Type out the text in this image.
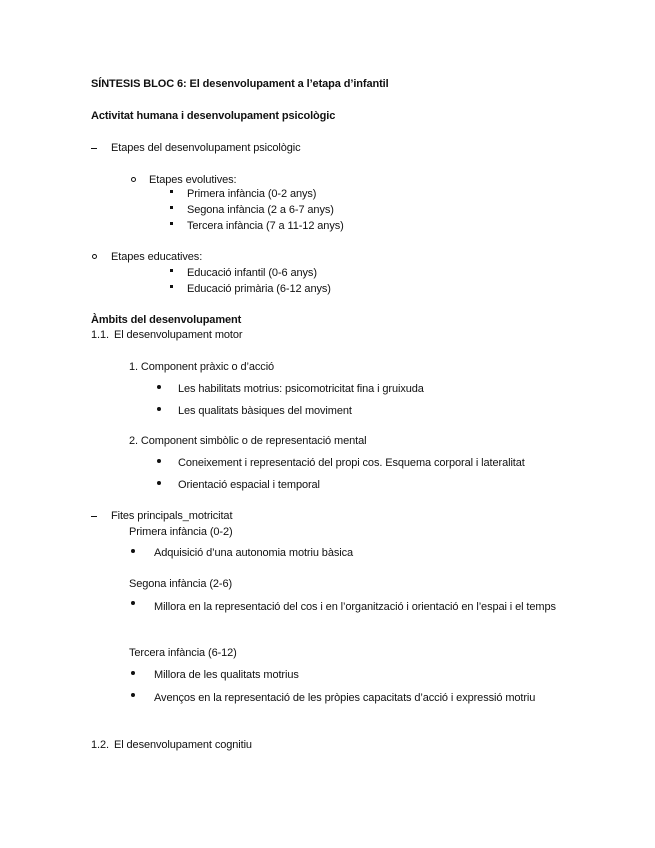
SÍNTESIS BLOC 6: El desenvolupament a l’etapa d’infantil
Activitat humana i desenvolupament psicològic
Etapes del desenvolupament psicològic
Etapes evolutives:
Primera infància (0-2 anys)
Segona infància (2 a 6-7 anys)
Tercera infància (7 a 11-12 anys)
Etapes educatives:
Educació infantil (0-6 anys)
Educació primària (6-12 anys)
Àmbits del desenvolupament
1.1. El desenvolupament motor
1. Component pràxic o d’acció
Les habilitats motrius: psicomotricitat fina i gruixuda
Les qualitats bàsiques del moviment
2. Component simbòlic o de representació mental
Coneixement i representació del propi cos. Esquema corporal i lateralitat
Orientació espacial i temporal
Fites principals_motricitat
Primera infància (0-2)
Adquisició d’una autonomia motriu bàsica
Segona infància (2-6)
Millora en la representació del cos i en l’organització i orientació en l’espai i el temps
Tercera infància (6-12)
Millora de les qualitats motrius
Avenços en la representació de les pròpies capacitats d’acció i expressió motriu
1.2. El desenvolupament cognitiu
